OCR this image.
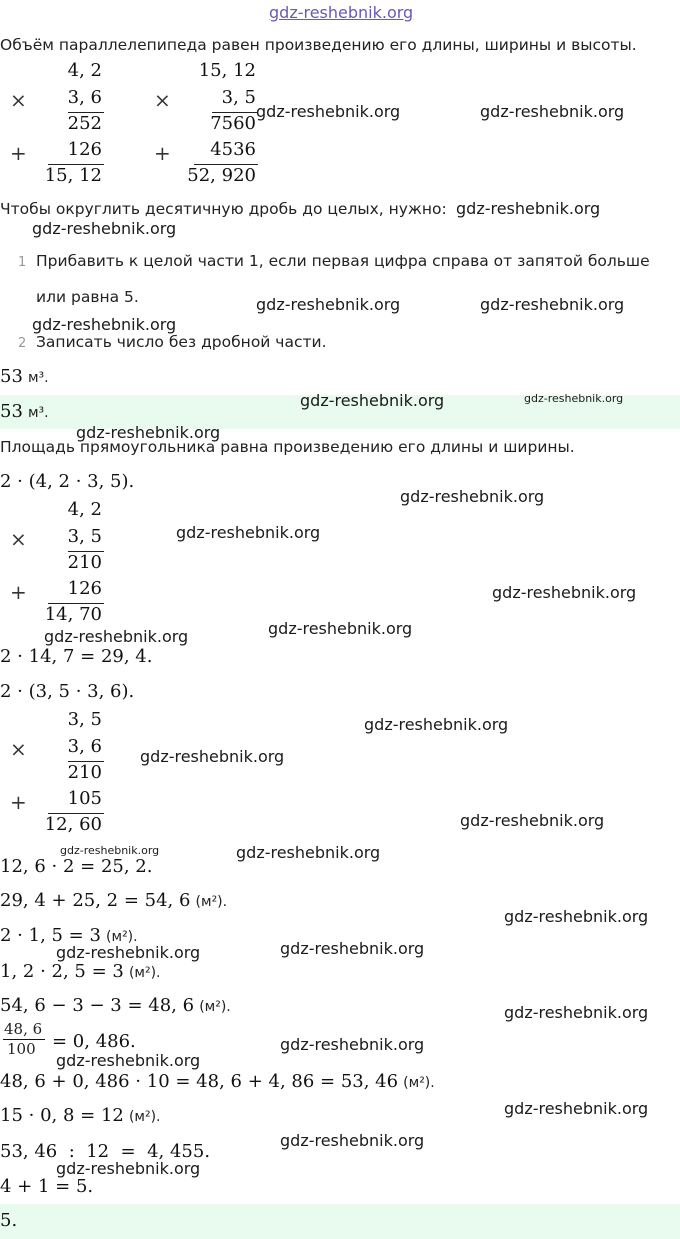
gdz-reshebnik.org
Объём параллелепипеда равен произведению его длины, ширины и высоты.
4, 2
×	3, 6
252
+	126
15, 12
15, 12
×	3, 5
7560
+	4536
52, 920
gdz-reshebnik.org	gdz-reshebnik.org
Чтобы округлить десятичную дробь до целых, нужно: gdz-reshebnik.org
gdz-reshebnik.org
1 Прибавить к целой части 1, если первая цифра справа от запятой больше
или равна 5.
2 Записать число без дробной части.
gdz-reshebnik.org	gdz-reshebnik.org
gdz-reshebnik.org
53 м³.
53 м³.
gdz-reshebnik.org	gdz-reshebnik.org
gdz-reshebnik.org
Площадь прямоугольника равна произведению его длины и ширины.
2 · (4, 2 · 3, 5).
gdz-reshebnik.org
4, 2
×	3, 5
210
+	126
14, 70
gdz-reshebnik.org
gdz-reshebnik.org
gdz-reshebnik.org
gdz-reshebnik.org
2 · 14, 7 = 29, 4.
2 · (3, 5 · 3, 6).
3, 5
×	3, 6
210
+	105
12, 60
gdz-reshebnik.org
gdz-reshebnik.org
gdz-reshebnik.org
gdz-reshebnik.org
12, 6 · 2 = 25, 2.
gdz-reshebnik.org
29, 4 + 25, 2 = 54, 6 (м²).
gdz-reshebnik.org
2 · 1, 5 = 3 (м²).
gdz-reshebnik.org	gdz-reshebnik.org
1, 2 · 2, 5 = 3 (м²).
54, 6 − 3 − 3 = 48, 6 (м²).	gdz-reshebnik.org
48, 6
100 = 0, 486.
gdz-reshebnik.org
gdz-reshebnik.org
48, 6 + 0, 486 · 10 = 48, 6 + 4, 86 = 53, 46 (м²).
gdz-reshebnik.org
15 · 0, 8 = 12 (м²).
53, 46  :  12  =  4, 455.
gdz-reshebnik.org
gdz-reshebnik.org
4 + 1 = 5.
5.
